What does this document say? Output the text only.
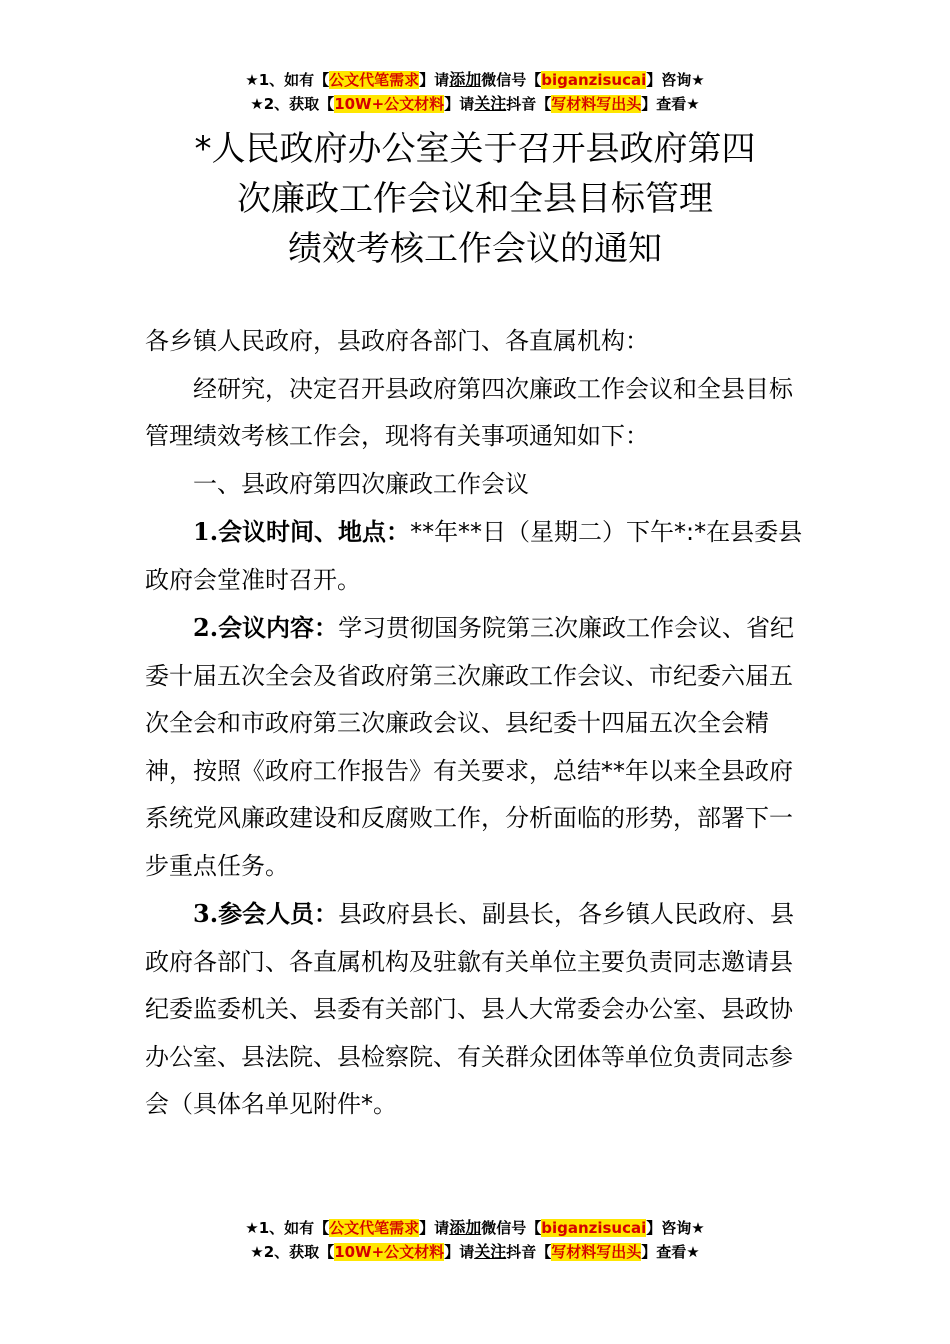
★1、如有【公文代笔需求】请添加微信号【biganzisucai】咨询★
★2、获取【10W+公文材料】请关注抖音【写材料写出头】查看★
*人民政府办公室关于召开县政府第四
次廉政工作会议和全县目标管理
绩效考核工作会议的通知

各乡镇人民政府，县政府各部门、各直属机构：

经研究，决定召开县政府第四次廉政工作会议和全县目标管理绩效考核工作会，现将有关事项通知如下：

一、县政府第四次廉政工作会议

1.会议时间、地点：**年**日（星期二）下午*:*在县委县政府会堂准时召开。

2.会议内容：学习贯彻国务院第三次廉政工作会议、省纪委十届五次全会及省政府第三次廉政工作会议、市纪委六届五次全会和市政府第三次廉政会议、县纪委十四届五次全会精神，按照《政府工作报告》有关要求，总结**年以来全县政府系统党风廉政建设和反腐败工作，分析面临的形势，部署下一步重点任务。

3.参会人员：县政府县长、副县长，各乡镇人民政府、县政府各部门、各直属机构及驻歙有关单位主要负责同志邀请县纪委监委机关、县委有关部门、县人大常委会办公室、县政协办公室、县法院、县检察院、有关群众团体等单位负责同志参会（具体名单见附件*。

★1、如有【公文代笔需求】请添加微信号【biganzisucai】咨询★
★2、获取【10W+公文材料】请关注抖音【写材料写出头】查看★
